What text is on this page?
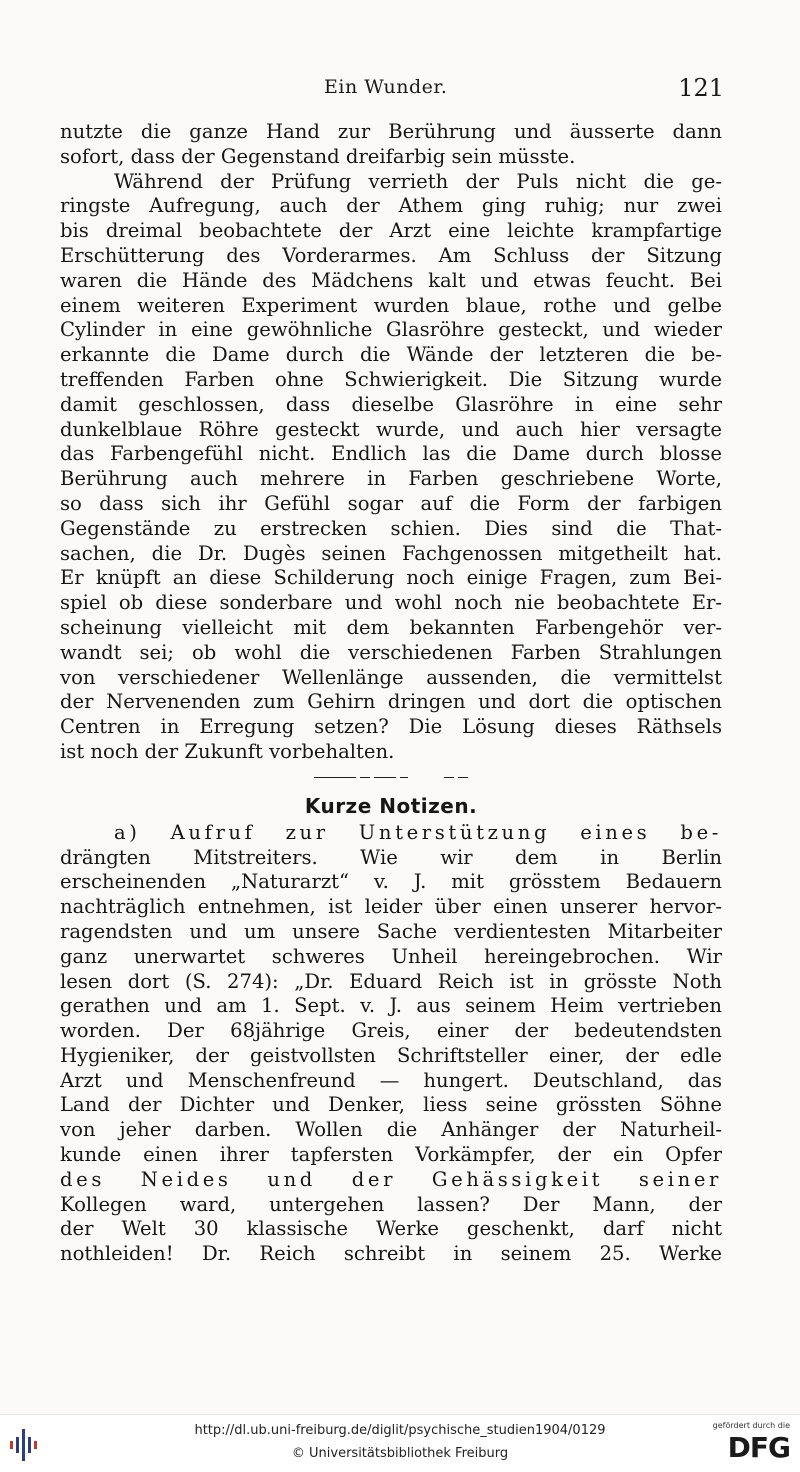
Ein Wunder.	121
nutzte die ganze Hand zur Berührung und äusserte dann
sofort, dass der Gegenstand dreifarbig sein müsste.
Während der Prüfung verrieth der Puls nicht die ge-
ringste Aufregung, auch der Athem ging ruhig; nur zwei
bis dreimal beobachtete der Arzt eine leichte krampfartige
Erschütterung des Vorderarmes. Am Schluss der Sitzung
waren die Hände des Mädchens kalt und etwas feucht. Bei
einem weiteren Experiment wurden blaue, rothe und gelbe
Cylinder in eine gewöhnliche Glasröhre gesteckt, und wieder
erkannte die Dame durch die Wände der letzteren die be-
treffenden Farben ohne Schwierigkeit. Die Sitzung wurde
damit geschlossen, dass dieselbe Glasröhre in eine sehr
dunkelblaue Röhre gesteckt wurde, und auch hier versagte
das Farbengefühl nicht. Endlich las die Dame durch blosse
Berührung auch mehrere in Farben geschriebene Worte,
so dass sich ihr Gefühl sogar auf die Form der farbigen
Gegenstände zu erstrecken schien. Dies sind die That-
sachen, die Dr. Dugès seinen Fachgenossen mitgetheilt hat.
Er knüpft an diese Schilderung noch einige Fragen, zum Bei-
spiel ob diese sonderbare und wohl noch nie beobachtete Er-
scheinung vielleicht mit dem bekannten Farbengehör ver-
wandt sei; ob wohl die verschiedenen Farben Strahlungen
von verschiedener Wellenlänge aussenden, die vermittelst
der Nervenenden zum Gehirn dringen und dort die optischen
Centren in Erregung setzen? Die Lösung dieses Räthsels
ist noch der Zukunft vorbehalten.
Kurze Notizen.
a) Aufruf zur Unterstützung eines be-
drängten Mitstreiters. Wie wir dem in Berlin
erscheinenden „Naturarzt“ v. J. mit grösstem Bedauern
nachträglich entnehmen, ist leider über einen unserer hervor-
ragendsten und um unsere Sache verdientesten Mitarbeiter
ganz unerwartet schweres Unheil hereingebrochen. Wir
lesen dort (S. 274): „Dr. Eduard Reich ist in grösste Noth
gerathen und am 1. Sept. v. J. aus seinem Heim vertrieben
worden. Der 68jährige Greis, einer der bedeutendsten
Hygieniker, der geistvollsten Schriftsteller einer, der edle
Arzt und Menschenfreund — hungert. Deutschland, das
Land der Dichter und Denker, liess seine grössten Söhne
von jeher darben. Wollen die Anhänger der Naturheil-
kunde einen ihrer tapfersten Vorkämpfer, der ein Opfer
des Neides und der Gehässigkeit seiner
Kollegen ward, untergehen lassen? Der Mann, der
der Welt 30 klassische Werke geschenkt, darf nicht
nothleiden! Dr. Reich schreibt in seinem 25. Werke
http://dl.ub.uni-freiburg.de/diglit/psychische_studien1904/0129
© Universitätsbibliothek Freiburg
gefördert durch die
DFG
